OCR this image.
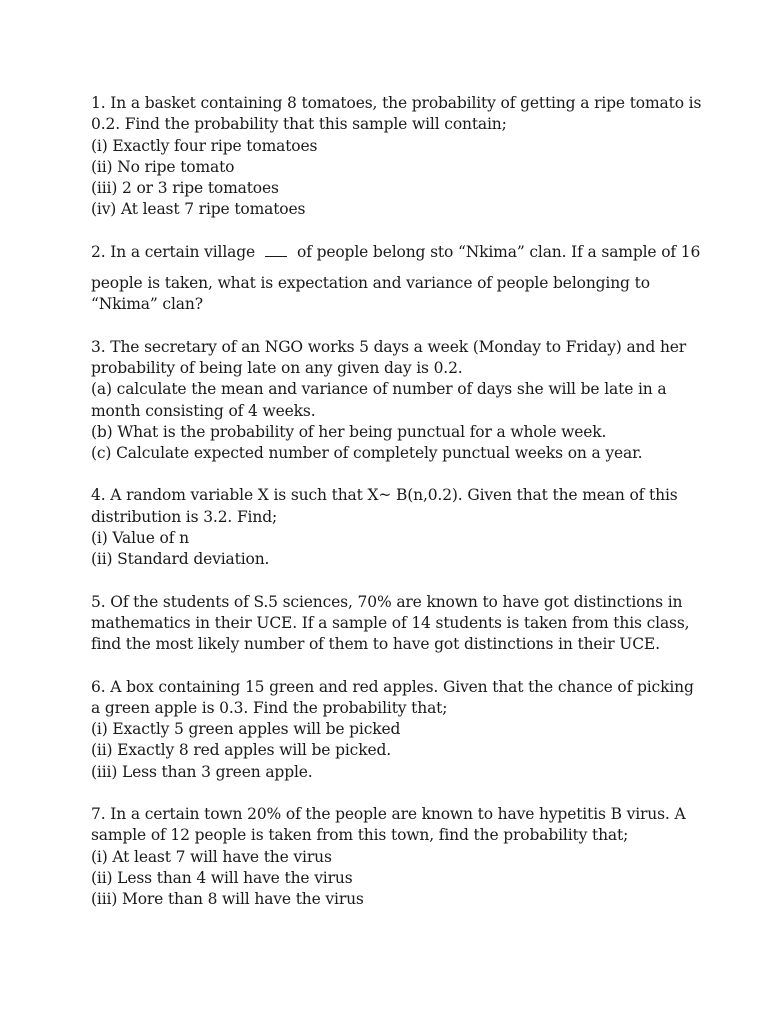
1. In a basket containing 8 tomatoes, the probability of getting a ripe tomato is
0.2. Find the probability that this sample will contain;
(i) Exactly four ripe tomatoes
(ii) No ripe tomato
(iii) 2 or 3 ripe tomatoes
(iv) At least 7 ripe tomatoes
2. In a certain village	of people belong sto “Nkima” clan. If a sample of 16
people is taken, what is expectation and variance of people belonging to
“Nkima” clan?
3. The secretary of an NGO works 5 days a week (Monday to Friday) and her
probability of being late on any given day is 0.2.
(a) calculate the mean and variance of number of days she will be late in a
month consisting of 4 weeks.
(b) What is the probability of her being punctual for a whole week.
(c) Calculate expected number of completely punctual weeks on a year.
4. A random variable X is such that X~ B(n,0.2). Given that the mean of this
distribution is 3.2. Find;
(i) Value of n
(ii) Standard deviation.
5. Of the students of S.5 sciences, 70% are known to have got distinctions in
mathematics in their UCE. If a sample of 14 students is taken from this class,
find the most likely number of them to have got distinctions in their UCE.
6. A box containing 15 green and red apples. Given that the chance of picking
a green apple is 0.3. Find the probability that;
(i) Exactly 5 green apples will be picked
(ii) Exactly 8 red apples will be picked.
(iii) Less than 3 green apple.
7. In a certain town 20% of the people are known to have hypetitis B virus. A
sample of 12 people is taken from this town, find the probability that;
(i) At least 7 will have the virus
(ii) Less than 4 will have the virus
(iii) More than 8 will have the virus
